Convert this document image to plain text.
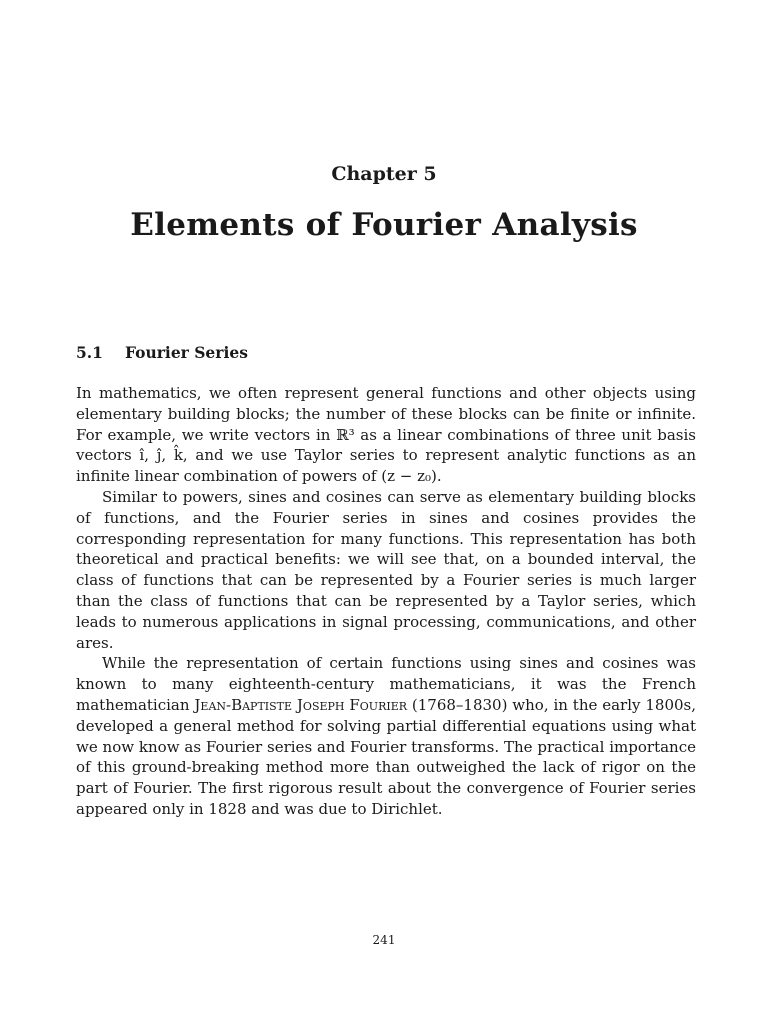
Chapter 5
Elements of Fourier Analysis
5.1	Fourier Series

In mathematics, we often represent general functions and other objects using elementary building blocks; the number of these blocks can be finite or infinite. For example, we write vectors in ℝ³ as a linear combinations of three unit basis vectors ı̂, ȷ̂, k̂, and we use Taylor series to represent analytic functions as an infinite linear combination of powers of (z − z₀).

Similar to powers, sines and cosines can serve as elementary building blocks of functions, and the Fourier series in sines and cosines provides the corresponding representation for many functions. This representation has both theoretical and practical benefits: we will see that, on a bounded interval, the class of functions that can be represented by a Fourier series is much larger than the class of functions that can be represented by a Taylor series, which leads to numerous applications in signal processing, communications, and other ares.

While the representation of certain functions using sines and cosines was known to many eighteenth-century mathematicians, it was the French mathematician Jean-Baptiste Joseph Fourier (1768–1830) who, in the early 1800s, developed a general method for solving partial differential equations using what we now know as Fourier series and Fourier transforms. The practical importance of this ground-breaking method more than outweighed the lack of rigor on the part of Fourier. The first rigorous result about the convergence of Fourier series appeared only in 1828 and was due to Dirichlet.

241
